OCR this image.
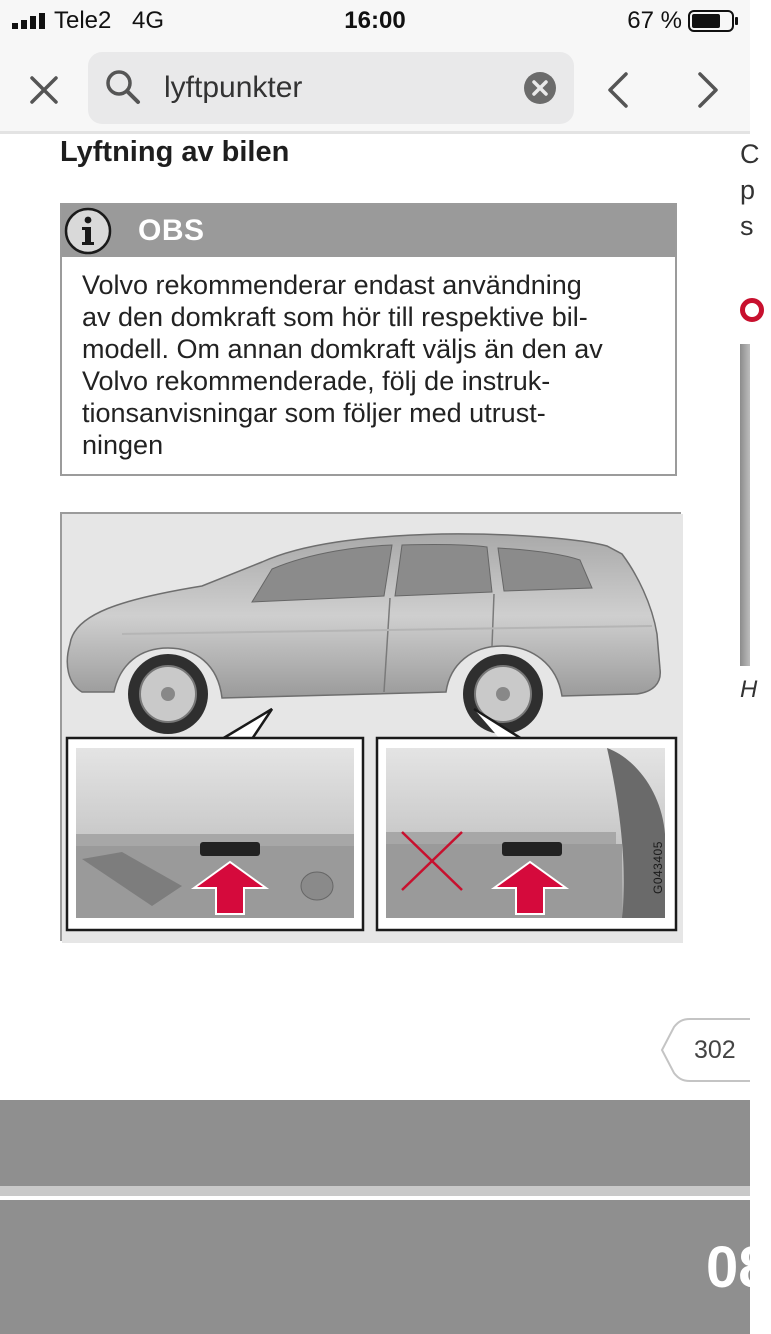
Tele2 4G	16:00	67 %
lyftpunkter
Lyftning av bilen	C
p
s
H
OBS
Volvo rekommenderar endast användning
av den domkraft som hör till respektive bil-
modell. Om annan domkraft väljs än den av
Volvo rekommenderade, följ de instruk-
tionsanvisningar som följer med utrust-
ningen
G043405
302
08
